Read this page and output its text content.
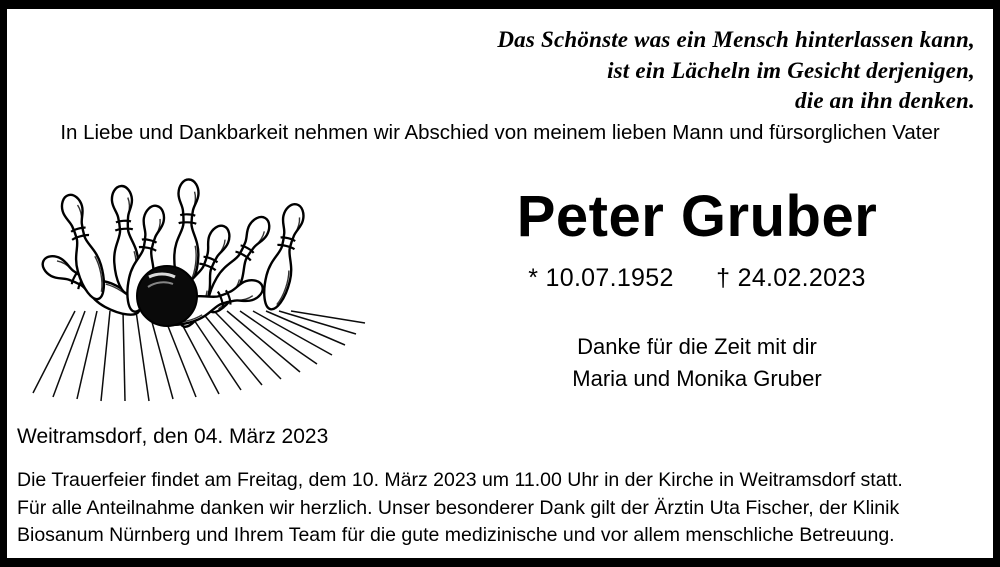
Das Schönste was ein Mensch hinterlassen kann,
ist ein Lächeln im Gesicht derjenigen,
die an ihn denken.
In Liebe und Dankbarkeit nehmen wir Abschied von meinem lieben Mann und fürsorglichen Vater
Peter Gruber
* 10.07.1952 † 24.02.2023
Danke für die Zeit mit dir
Maria und Monika Gruber
Weitramsdorf, den 04. März 2023
Die Trauerfeier findet am Freitag, dem 10. März 2023 um 11.00 Uhr in der Kirche in Weitramsdorf statt.
Für alle Anteilnahme danken wir herzlich. Unser besonderer Dank gilt der Ärztin Uta Fischer, der Klinik
Biosanum Nürnberg und Ihrem Team für die gute medizinische und vor allem menschliche Betreuung.
